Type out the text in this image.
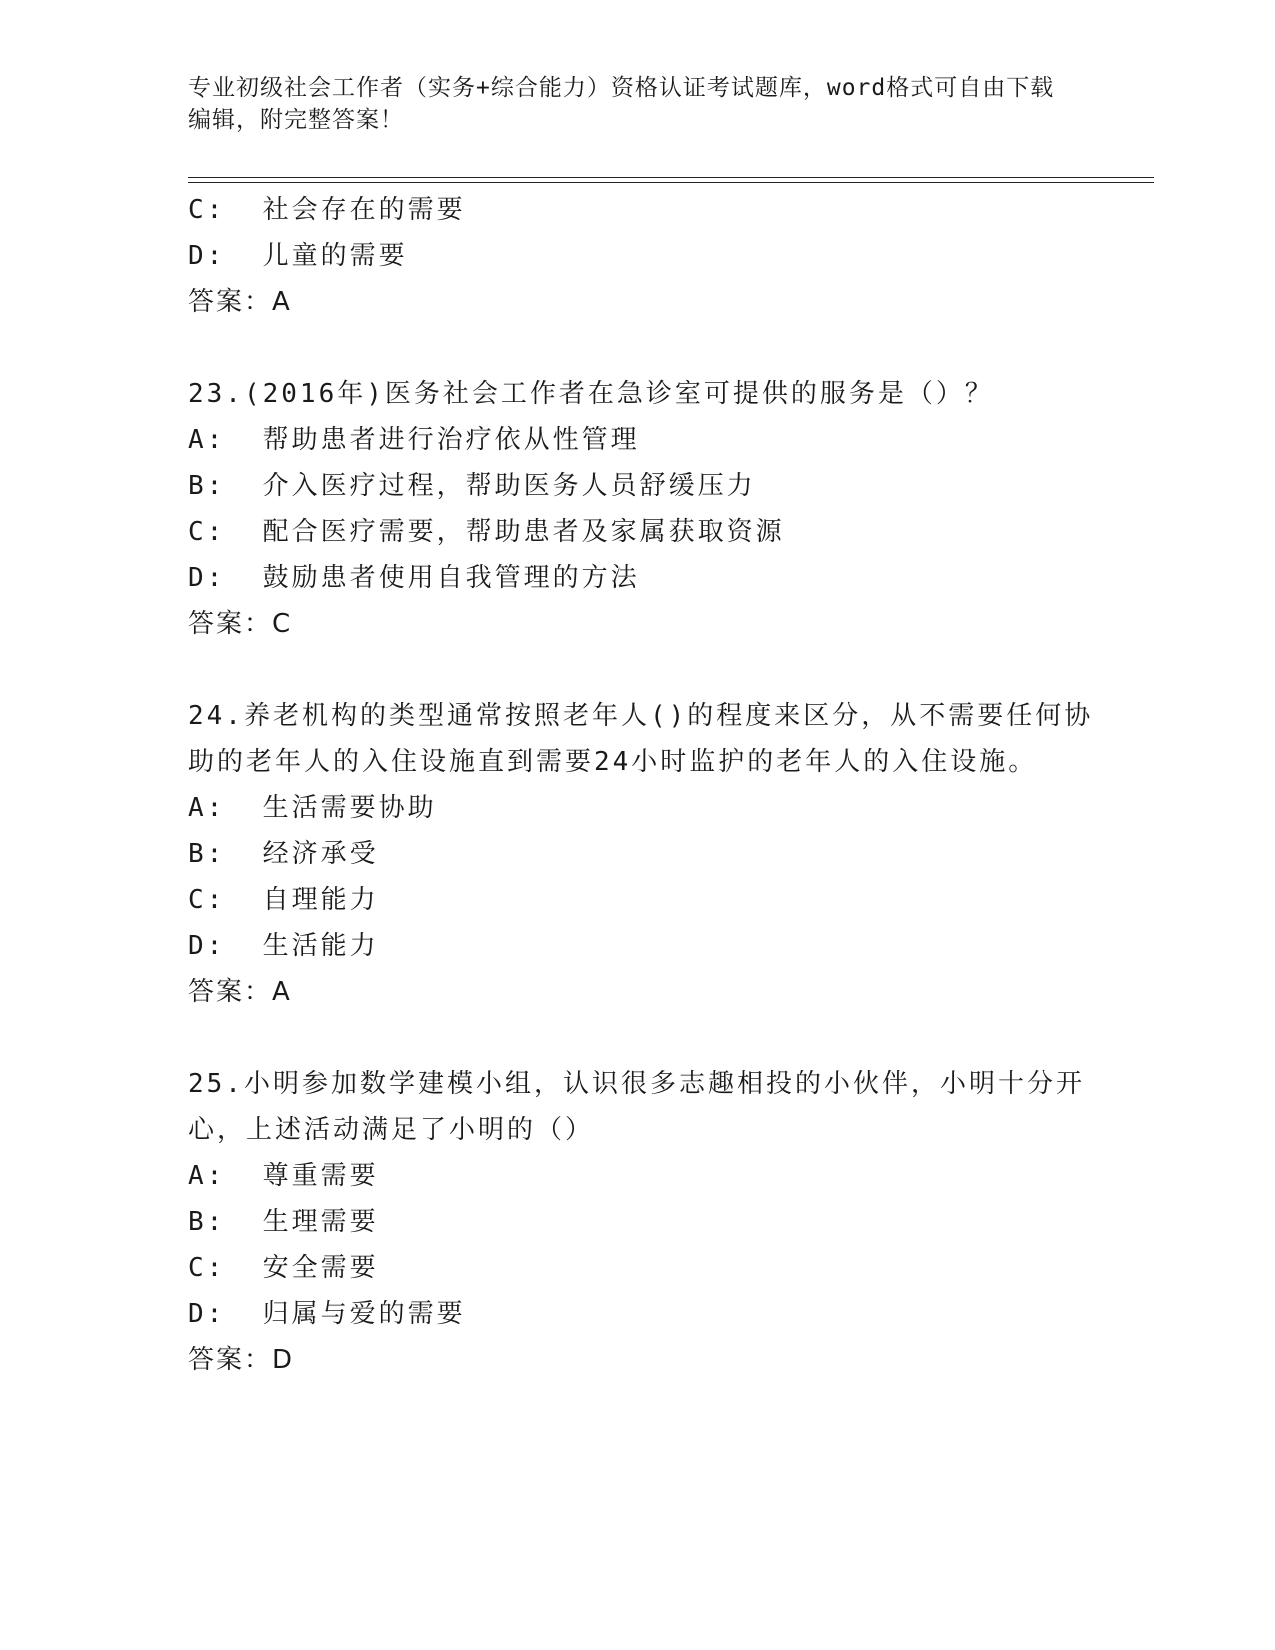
专业初级社会工作者（实务+综合能力）资格认证考试题库，word格式可自由下载
编辑，附完整答案！
C:  社会存在的需要
D:  儿童的需要
答案：A
23.(2016年)医务社会工作者在急诊室可提供的服务是（）？
A:  帮助患者进行治疗依从性管理
B:  介入医疗过程，帮助医务人员舒缓压力
C:  配合医疗需要，帮助患者及家属获取资源
D:  鼓励患者使用自我管理的方法
答案：C
24.养老机构的类型通常按照老年人()的程度来区分，从不需要任何协
助的老年人的入住设施直到需要24小时监护的老年人的入住设施。
A:  生活需要协助
B:  经济承受
C:  自理能力
D:  生活能力
答案：A
25.小明参加数学建模小组，认识很多志趣相投的小伙伴，小明十分开
心，上述活动满足了小明的（）
A:  尊重需要
B:  生理需要
C:  安全需要
D:  归属与爱的需要
答案：D
